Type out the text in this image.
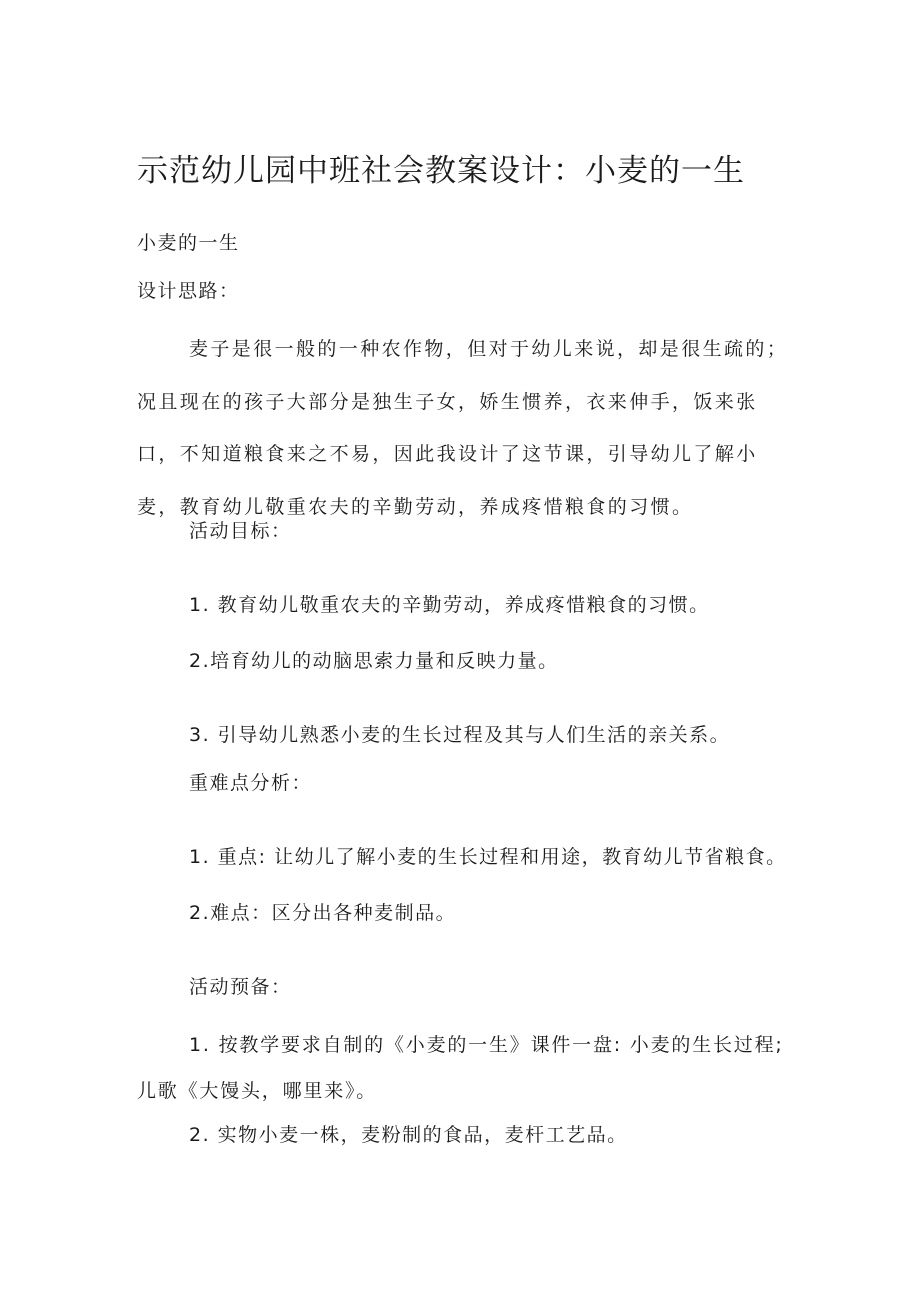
示范幼儿园中班社会教案设计：小麦的一生

小麦的一生

设计思路：

麦子是很一般的一种农作物，但对于幼儿来说，却是很生疏的；况且现在的孩子大部分是独生子女，娇生惯养，衣来伸手，饭来张口，不知道粮食来之不易，因此我设计了这节课，引导幼儿了解小麦，教育幼儿敬重农夫的辛勤劳动，养成疼惜粮食的习惯。

活动目标：

1. 教育幼儿敬重农夫的辛勤劳动，养成疼惜粮食的习惯。

2.培育幼儿的动脑思索力量和反映力量。

3. 引导幼儿熟悉小麦的生长过程及其与人们生活的亲关系。

重难点分析：

1. 重点: 让幼儿了解小麦的生长过程和用途，教育幼儿节省粮食。

2.难点：区分出各种麦制品。

活动预备：

1. 按教学要求自制的《小麦的一生》课件一盘: 小麦的生长过程; 儿歌《大馒头，哪里来》。

2. 实物小麦一株，麦粉制的食品，麦杆工艺品。
